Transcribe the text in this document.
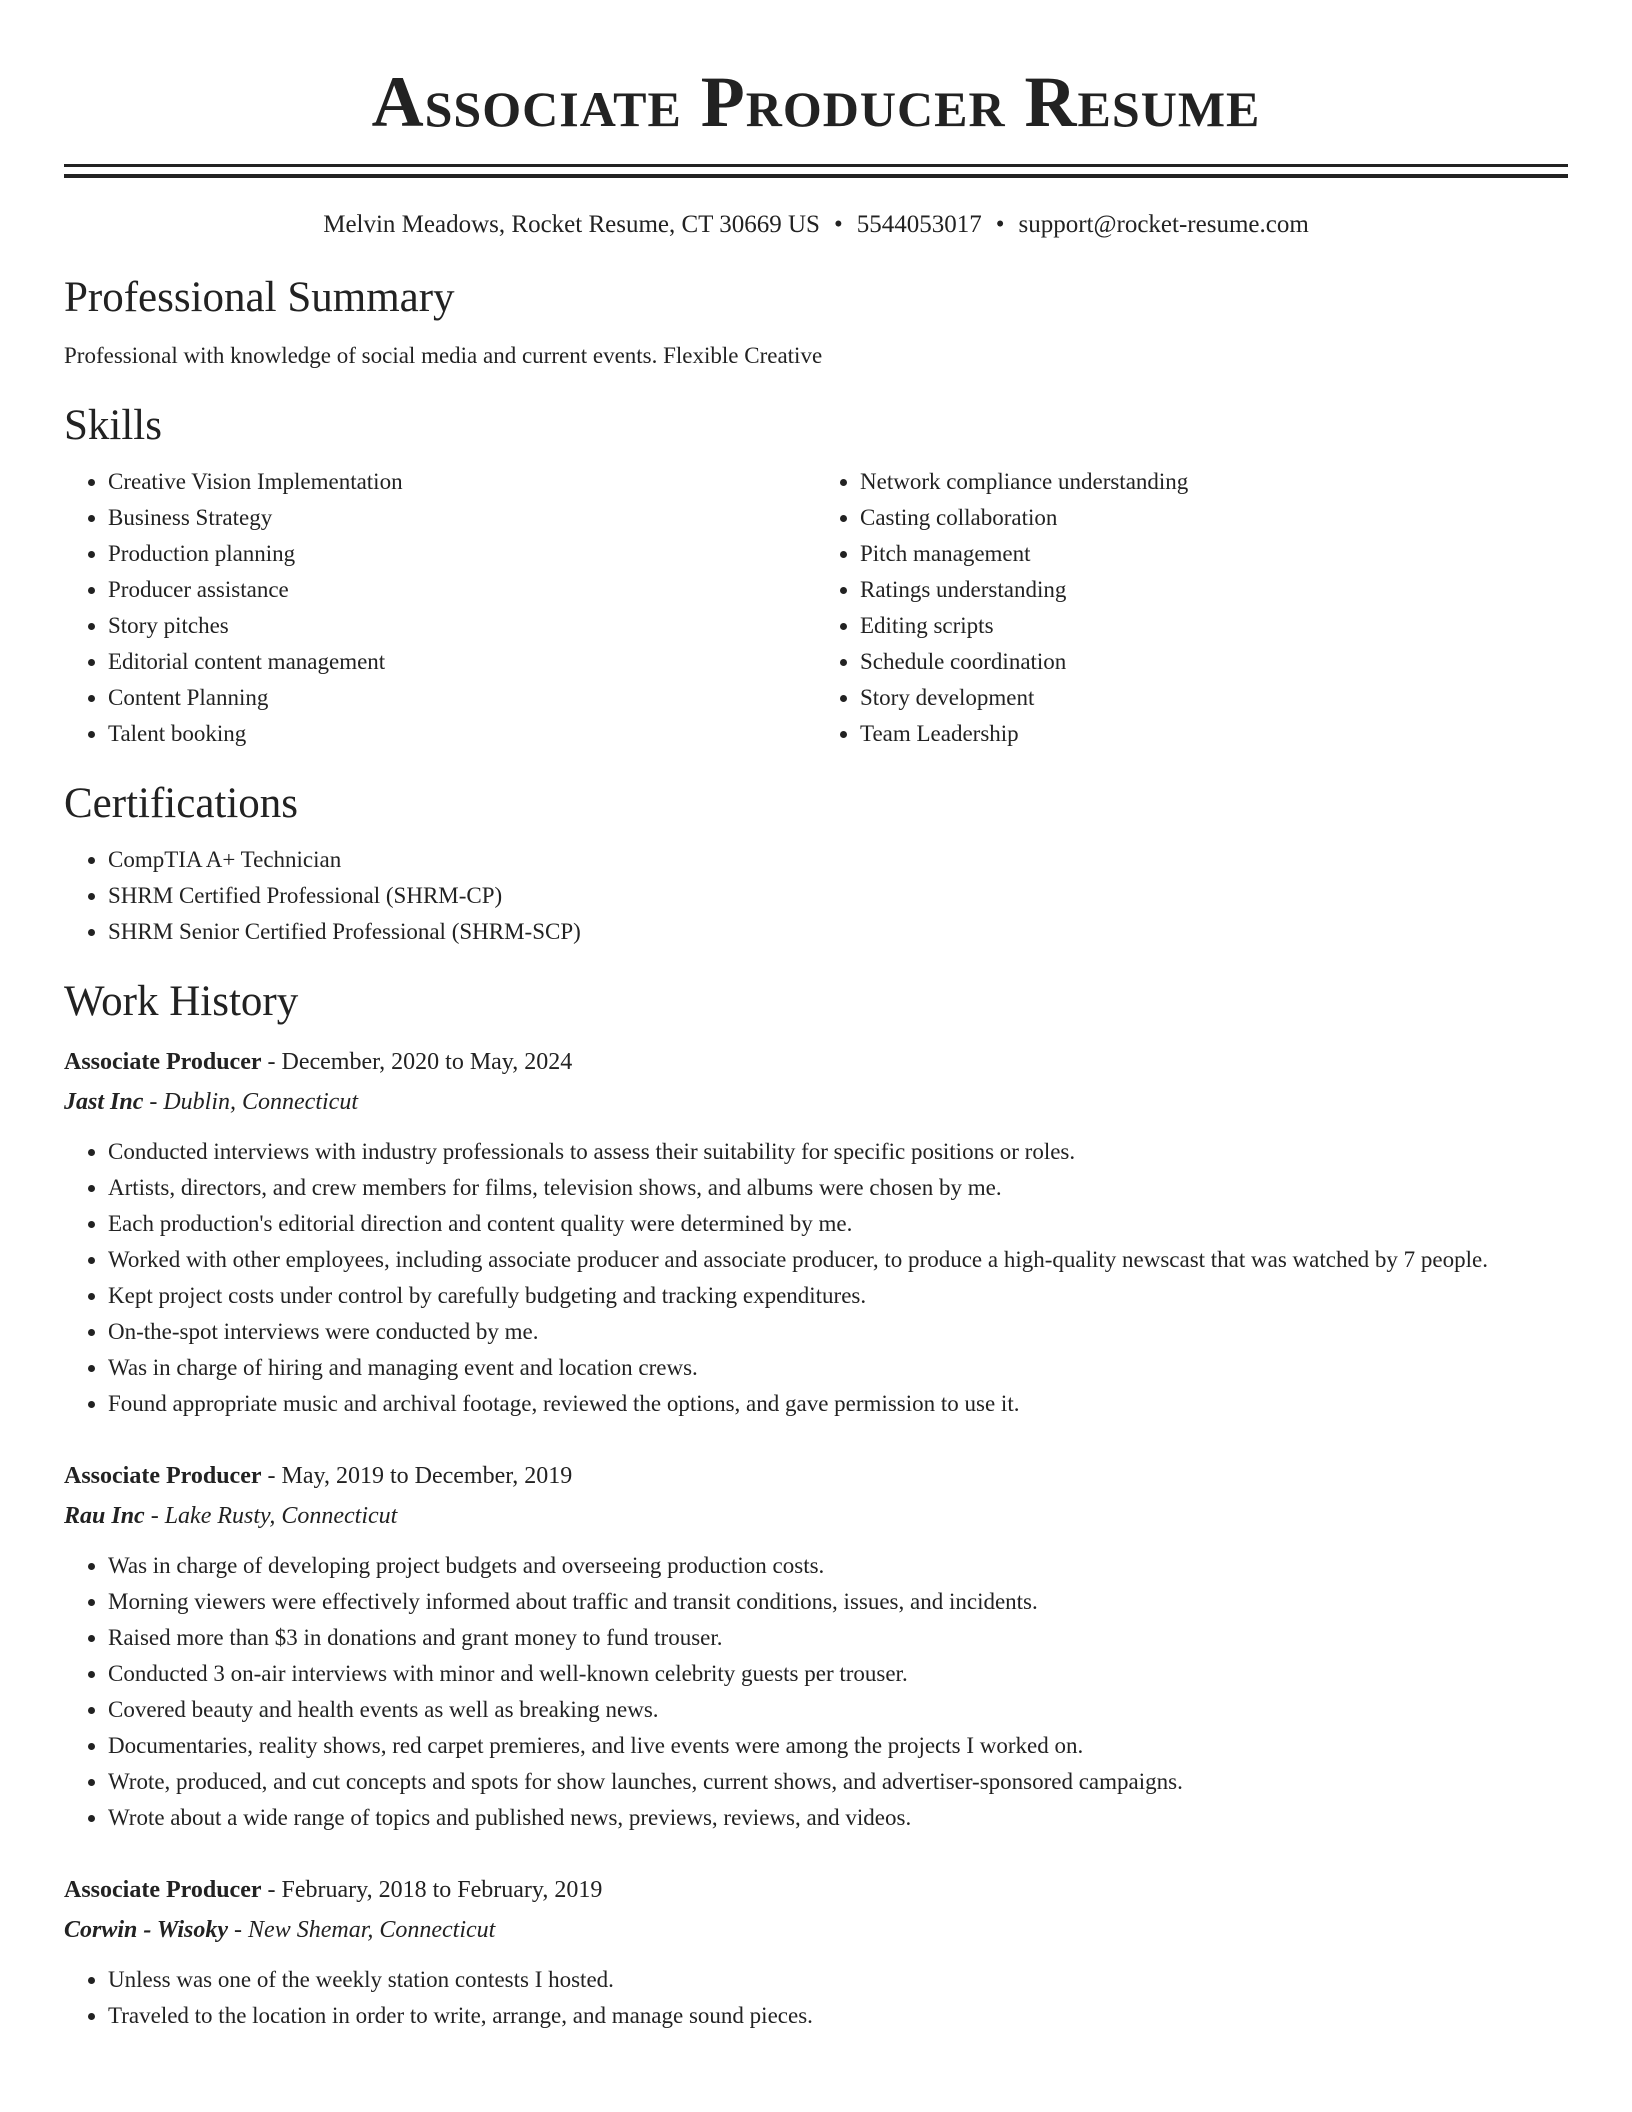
Associate Producer Resume
Melvin Meadows, Rocket Resume, CT 30669 US • 5544053017 • support@rocket-resume.com
Professional Summary
Professional with knowledge of social media and current events. Flexible Creative
Skills
• Creative Vision Implementation
• Business Strategy
• Production planning
• Producer assistance
• Story pitches
• Editorial content management
• Content Planning
• Talent booking
• Network compliance understanding
• Casting collaboration
• Pitch management
• Ratings understanding
• Editing scripts
• Schedule coordination
• Story development
• Team Leadership
Certifications
• CompTIA A+ Technician
• SHRM Certified Professional (SHRM-CP)
• SHRM Senior Certified Professional (SHRM-SCP)
Work History
Associate Producer - December, 2020 to May, 2024
Jast Inc - Dublin, Connecticut
• Conducted interviews with industry professionals to assess their suitability for specific positions or roles.
• Artists, directors, and crew members for films, television shows, and albums were chosen by me.
• Each production's editorial direction and content quality were determined by me.
• Worked with other employees, including associate producer and associate producer, to produce a high-quality newscast that was watched by 7 people.
• Kept project costs under control by carefully budgeting and tracking expenditures.
• On-the-spot interviews were conducted by me.
• Was in charge of hiring and managing event and location crews.
• Found appropriate music and archival footage, reviewed the options, and gave permission to use it.
Associate Producer - May, 2019 to December, 2019
Rau Inc - Lake Rusty, Connecticut
• Was in charge of developing project budgets and overseeing production costs.
• Morning viewers were effectively informed about traffic and transit conditions, issues, and incidents.
• Raised more than $3 in donations and grant money to fund trouser.
• Conducted 3 on-air interviews with minor and well-known celebrity guests per trouser.
• Covered beauty and health events as well as breaking news.
• Documentaries, reality shows, red carpet premieres, and live events were among the projects I worked on.
• Wrote, produced, and cut concepts and spots for show launches, current shows, and advertiser-sponsored campaigns.
• Wrote about a wide range of topics and published news, previews, reviews, and videos.
Associate Producer - February, 2018 to February, 2019
Corwin - Wisoky - New Shemar, Connecticut
• Unless was one of the weekly station contests I hosted.
• Traveled to the location in order to write, arrange, and manage sound pieces.
